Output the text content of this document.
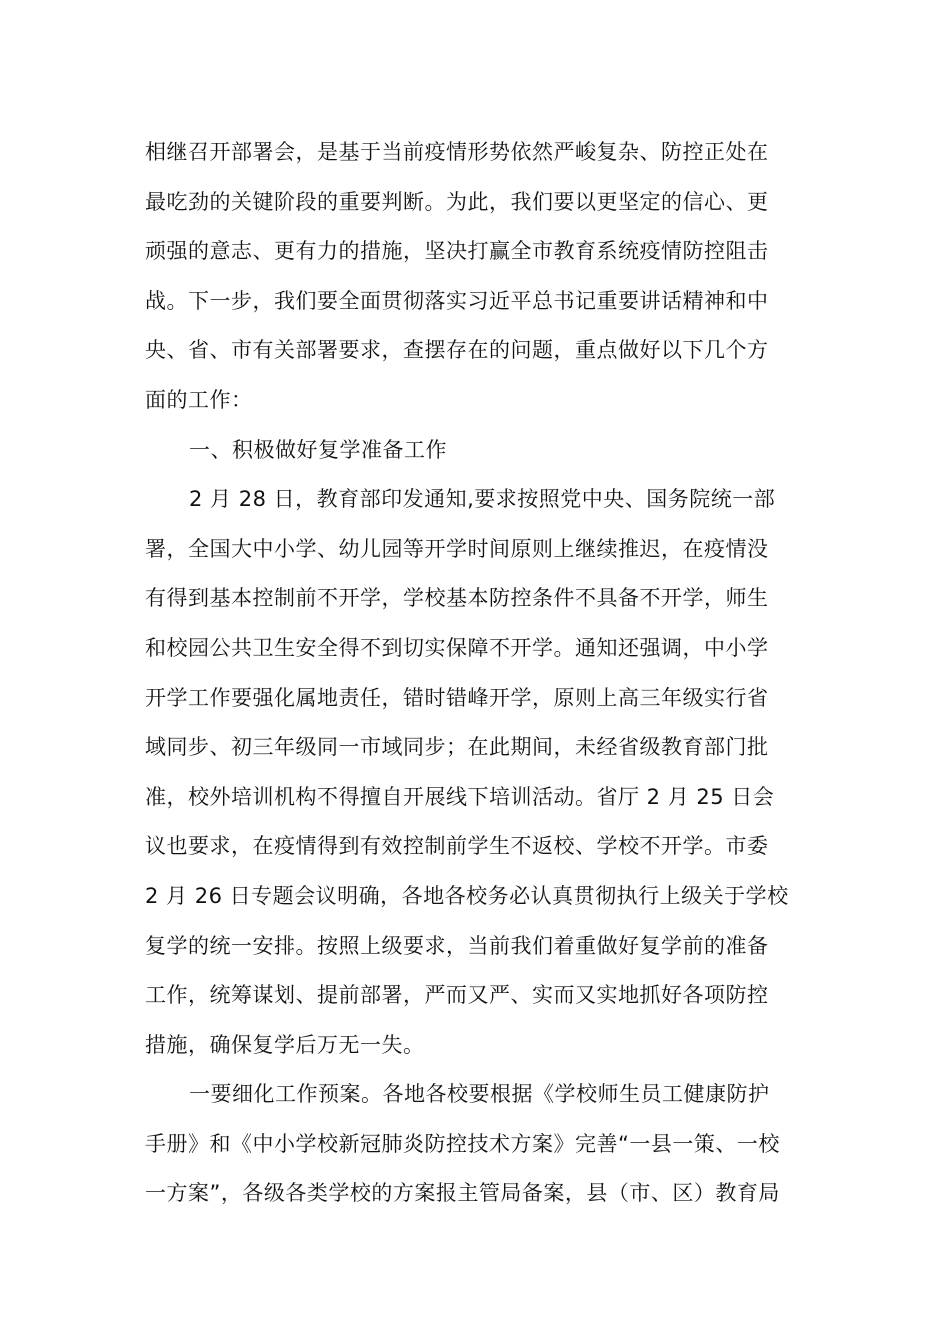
相继召开部署会，是基于当前疫情形势依然严峻复杂、防控正处在
最吃劲的关键阶段的重要判断。为此，我们要以更坚定的信心、更
顽强的意志、更有力的措施，坚决打赢全市教育系统疫情防控阻击
战。下一步，我们要全面贯彻落实习近平总书记重要讲话精神和中
央、省、市有关部署要求，查摆存在的问题，重点做好以下几个方
面的工作：
一、积极做好复学准备工作
2 月 28 日，教育部印发通知,要求按照党中央、国务院统一部
署，全国大中小学、幼儿园等开学时间原则上继续推迟，在疫情没
有得到基本控制前不开学，学校基本防控条件不具备不开学，师生
和校园公共卫生安全得不到切实保障不开学。通知还强调，中小学
开学工作要强化属地责任，错时错峰开学，原则上高三年级实行省
域同步、初三年级同一市域同步；在此期间，未经省级教育部门批
准，校外培训机构不得擅自开展线下培训活动。省厅 2 月 25 日会
议也要求，在疫情得到有效控制前学生不返校、学校不开学。市委
2 月 26 日专题会议明确，各地各校务必认真贯彻执行上级关于学校
复学的统一安排。按照上级要求，当前我们着重做好复学前的准备
工作，统筹谋划、提前部署，严而又严、实而又实地抓好各项防控
措施，确保复学后万无一失。
一要细化工作预案。各地各校要根据《学校师生员工健康防护
手册》和《中小学校新冠肺炎防控技术方案》完善“一县一策、一校
一方案”，各级各类学校的方案报主管局备案，县（市、区）教育局
